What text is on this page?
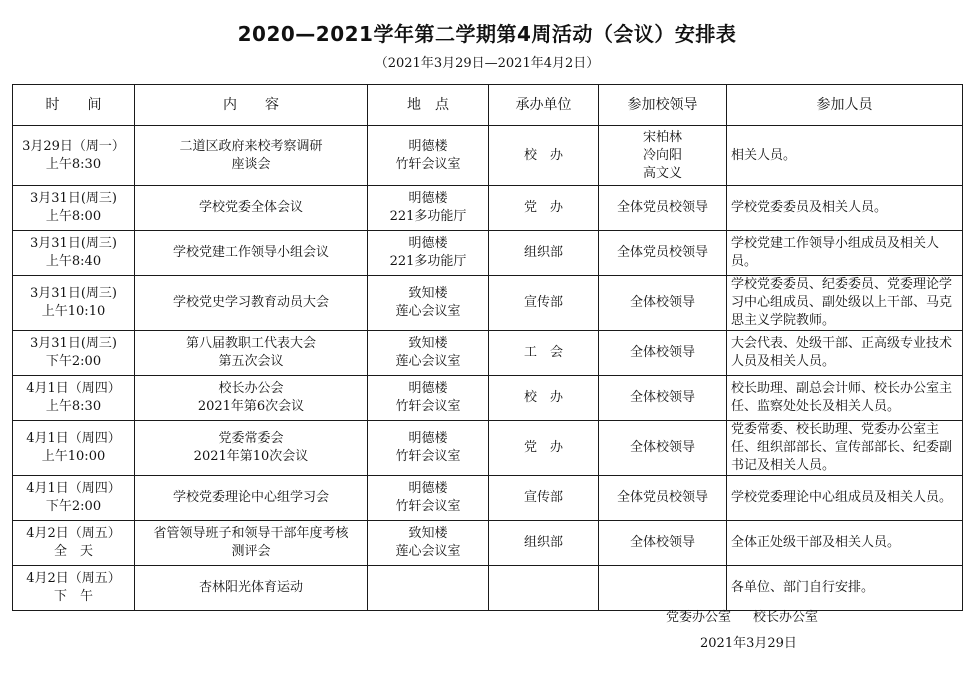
2020—2021学年第二学期第4周活动（会议）安排表
（2021年3月29日—2021年4月2日）
时　　间	内　　容	地　点	承办单位	参加校领导	参加人员

3月29日（周一）
上午8:30	二道区政府来校考察调研
座谈会	明德楼
竹轩会议室	校　办	宋柏林
冷向阳
高文义	相关人员。

3月31日(周三)
上午8:00	学校党委全体会议	明德楼
221多功能厅	党　办	全体党员校领导	学校党委委员及相关人员。

3月31日(周三)
上午8:40	学校党建工作领导小组会议	明德楼
221多功能厅	组织部	全体党员校领导	学校党建工作领导小组成员及相关人员。

3月31日(周三)
上午10:10	学校党史学习教育动员大会	致知楼
莲心会议室	宣传部	全体校领导	学校党委委员、纪委委员、党委理论学习中心组成员、副处级以上干部、马克思主义学院教师。

3月31日(周三)
下午2:00	第八届教职工代表大会
第五次会议	致知楼
莲心会议室	工　会	全体校领导	大会代表、处级干部、正高级专业技术人员及相关人员。

4月1日（周四）
上午8:30	校长办公会
2021年第6次会议	明德楼
竹轩会议室	校　办	全体校领导	校长助理、副总会计师、校长办公室主任、监察处处长及相关人员。

4月1日（周四）
上午10:00	党委常委会
2021年第10次会议	明德楼
竹轩会议室	党　办	全体校领导	党委常委、校长助理、党委办公室主任、组织部部长、宣传部部长、纪委副书记及相关人员。

4月1日（周四）
下午2:00	学校党委理论中心组学习会	明德楼
竹轩会议室	宣传部	全体党员校领导	学校党委理论中心组成员及相关人员。

4月2日（周五）
全　天	省管领导班子和领导干部年度考核
测评会	致知楼
莲心会议室	组织部	全体校领导	全体正处级干部及相关人员。

4月2日（周五）
下　午	杏林阳光体育运动				各单位、部门自行安排。
党委办公室 校长办公室
2021年3月29日
